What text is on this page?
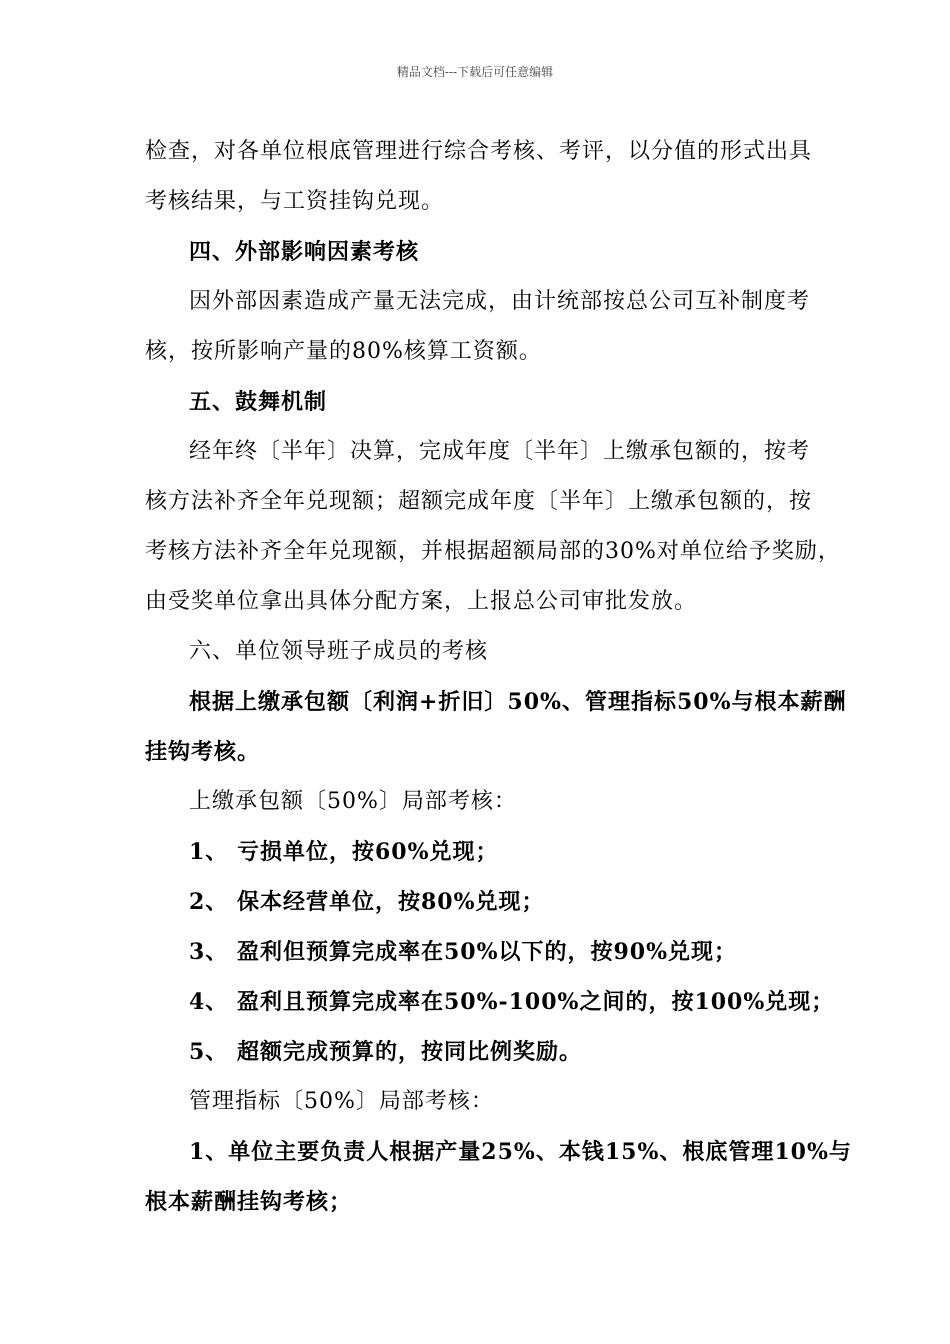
精品文档---下载后可任意编辑

检查，对各单位根底管理进行综合考核、考评，以分值的形式出具

考核结果，与工资挂钩兑现。

四、外部影响因素考核

因外部因素造成产量无法完成，由计统部按总公司互补制度考

核，按所影响产量的80%核算工资额。

五、鼓舞机制

经年终〔半年〕决算，完成年度〔半年〕上缴承包额的，按考

核方法补齐全年兑现额；超额完成年度〔半年〕上缴承包额的，按

考核方法补齐全年兑现额，并根据超额局部的30%对单位给予奖励，

由受奖单位拿出具体分配方案，上报总公司审批发放。

六、单位领导班子成员的考核

根据上缴承包额〔利润+折旧〕50%、管理指标50%与根本薪酬

挂钩考核。

上缴承包额〔50%〕局部考核：

1、 亏损单位，按60%兑现；

2、 保本经营单位，按80%兑现；

3、 盈利但预算完成率在50%以下的，按90%兑现；

4、 盈利且预算完成率在50%-100%之间的，按100%兑现；

5、 超额完成预算的，按同比例奖励。

管理指标〔50%〕局部考核：

1、单位主要负责人根据产量25%、本钱15%、根底管理10%与

根本薪酬挂钩考核；
